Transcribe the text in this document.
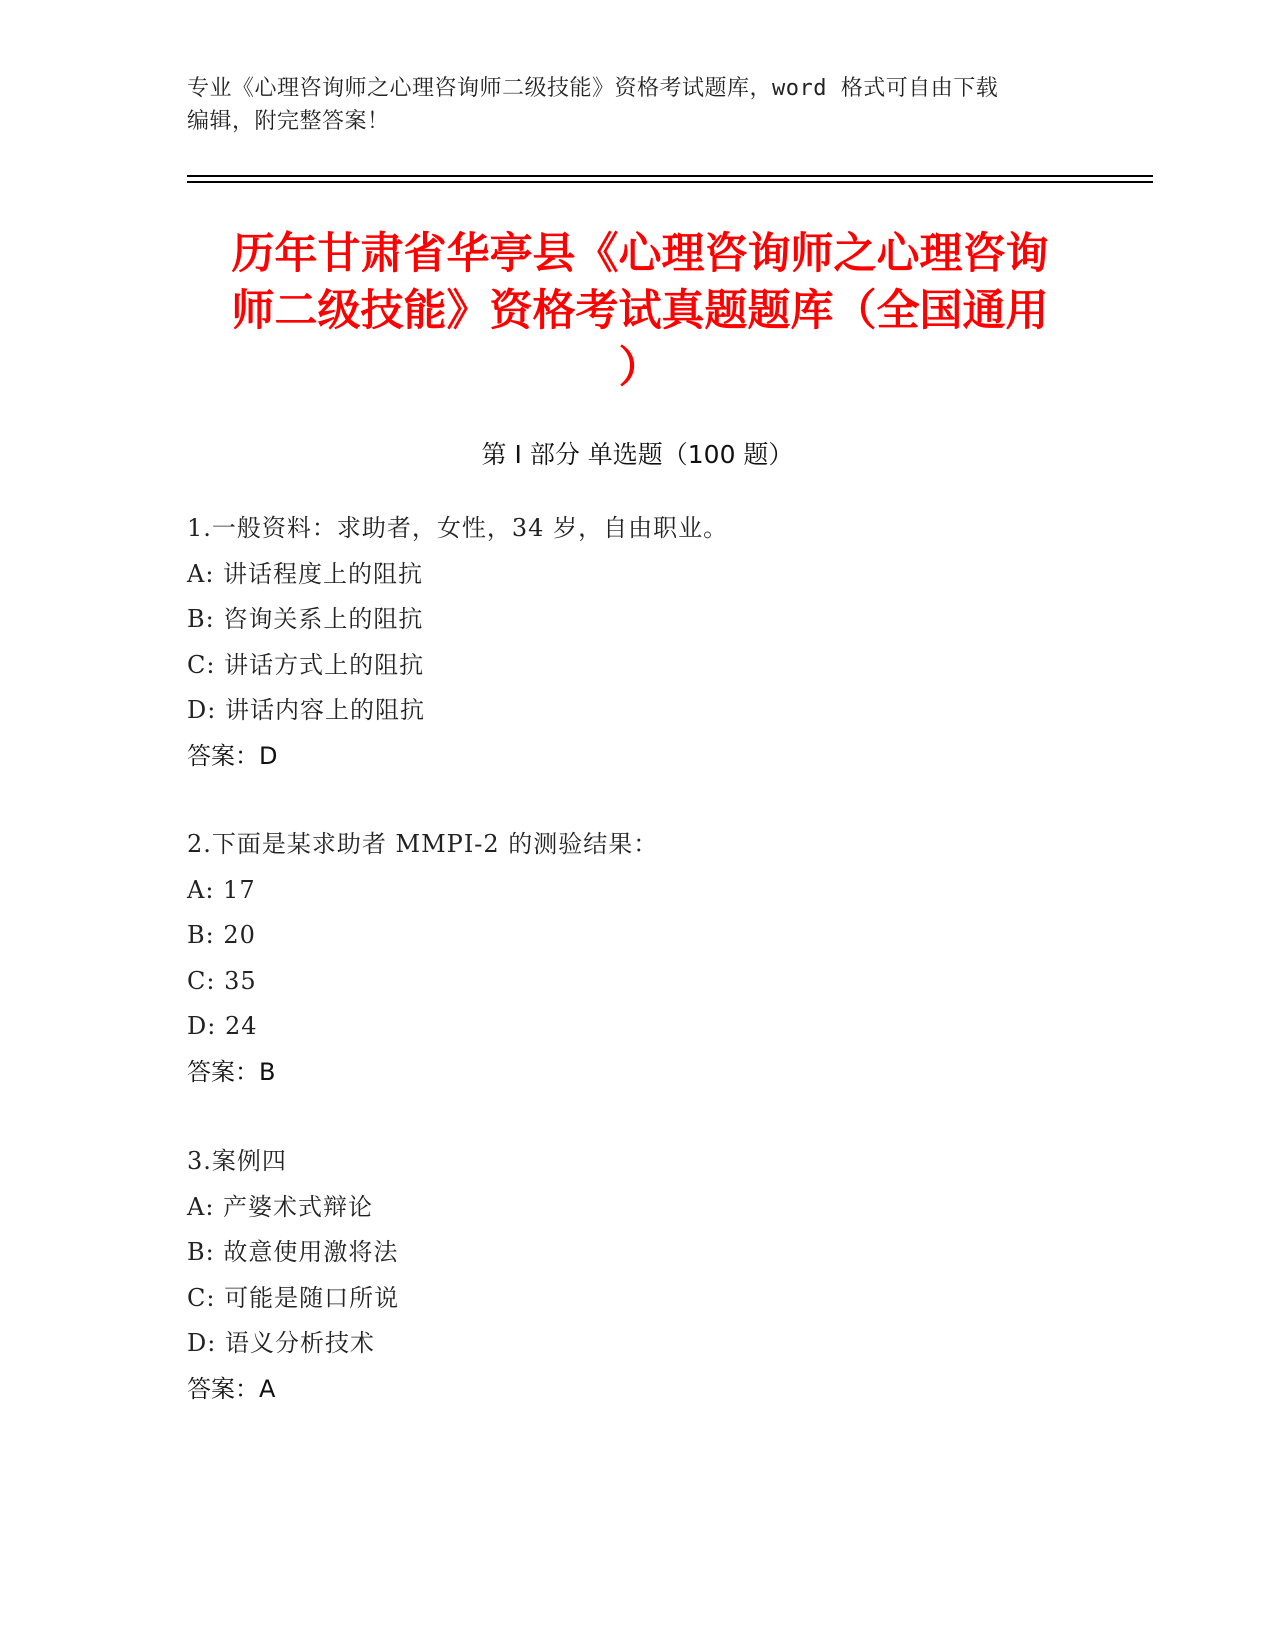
专业《心理咨询师之心理咨询师二级技能》资格考试题库，word 格式可自由下载
编辑，附完整答案！
历年甘肃省华亭县《心理咨询师之心理咨询
师二级技能》资格考试真题题库（全国通用
）
第 I 部分 单选题（100 题）
1.一般资料：求助者，女性，34 岁，自由职业。
A: 讲话程度上的阻抗
B: 咨询关系上的阻抗
C: 讲话方式上的阻抗
D: 讲话内容上的阻抗
答案：D
2.下面是某求助者 MMPI-2 的测验结果：
A: 17
B: 20
C: 35
D: 24
答案：B
3.案例四
A: 产婆术式辩论
B: 故意使用激将法
C: 可能是随口所说
D: 语义分析技术
答案：A
